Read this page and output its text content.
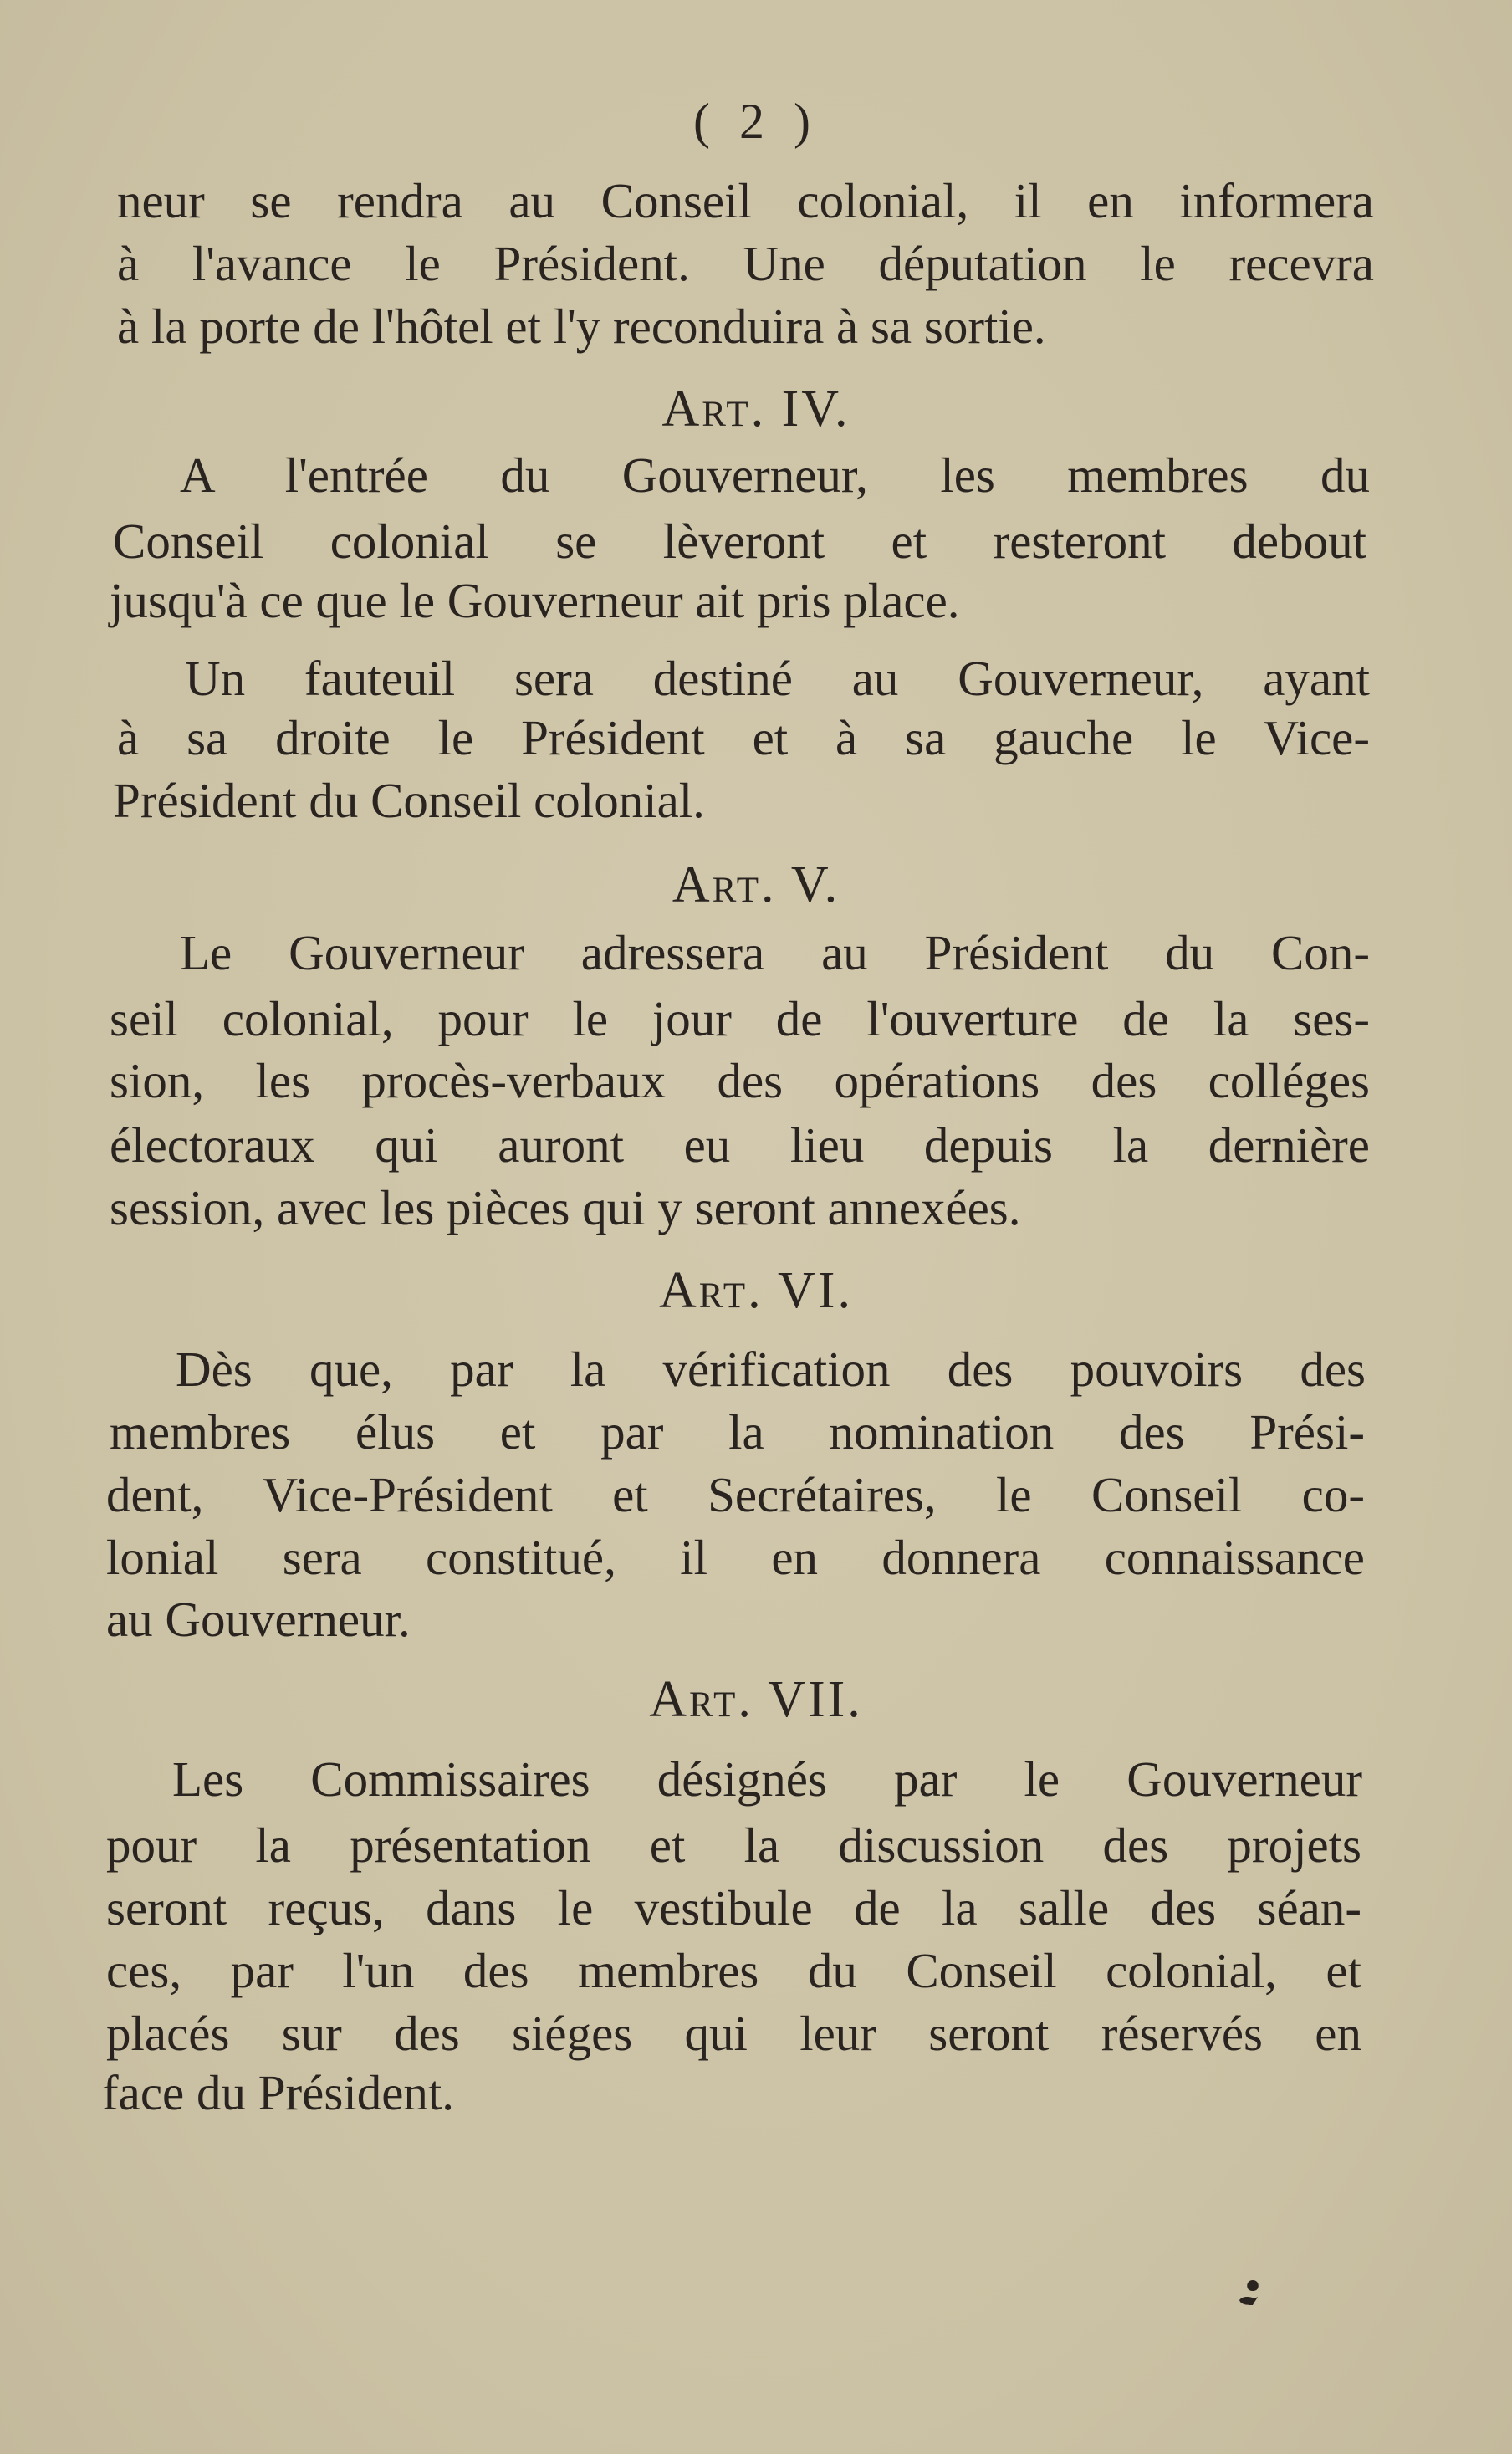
( 2 )
neur se rendra au Conseil colonial, il en informera
à l'avance le Président. Une députation le recevra
à la porte de l'hôtel et l'y reconduira à sa sortie.
Art. IV.
A l'entrée du Gouverneur, les membres du
Conseil colonial se lèveront et resteront debout
jusqu'à ce que le Gouverneur ait pris place.
Un fauteuil sera destiné au Gouverneur, ayant
à sa droite le Président et à sa gauche le Vice-
Président du Conseil colonial.
Art. V.
Le Gouverneur adressera au Président du Con-
seil colonial, pour le jour de l'ouverture de la ses-
sion, les procès-verbaux des opérations des colléges
électoraux qui auront eu lieu depuis la dernière
session, avec les pièces qui y seront annexées.
Art. VI.
Dès que, par la vérification des pouvoirs des
membres élus et par la nomination des Prési-
dent, Vice-Président et Secrétaires, le Conseil co-
lonial sera constitué, il en donnera connaissance
au Gouverneur.
Art. VII.
Les Commissaires désignés par le Gouverneur
pour la présentation et la discussion des projets
seront reçus, dans le vestibule de la salle des séan-
ces, par l'un des membres du Conseil colonial, et
placés sur des siéges qui leur seront réservés en
face du Président.
